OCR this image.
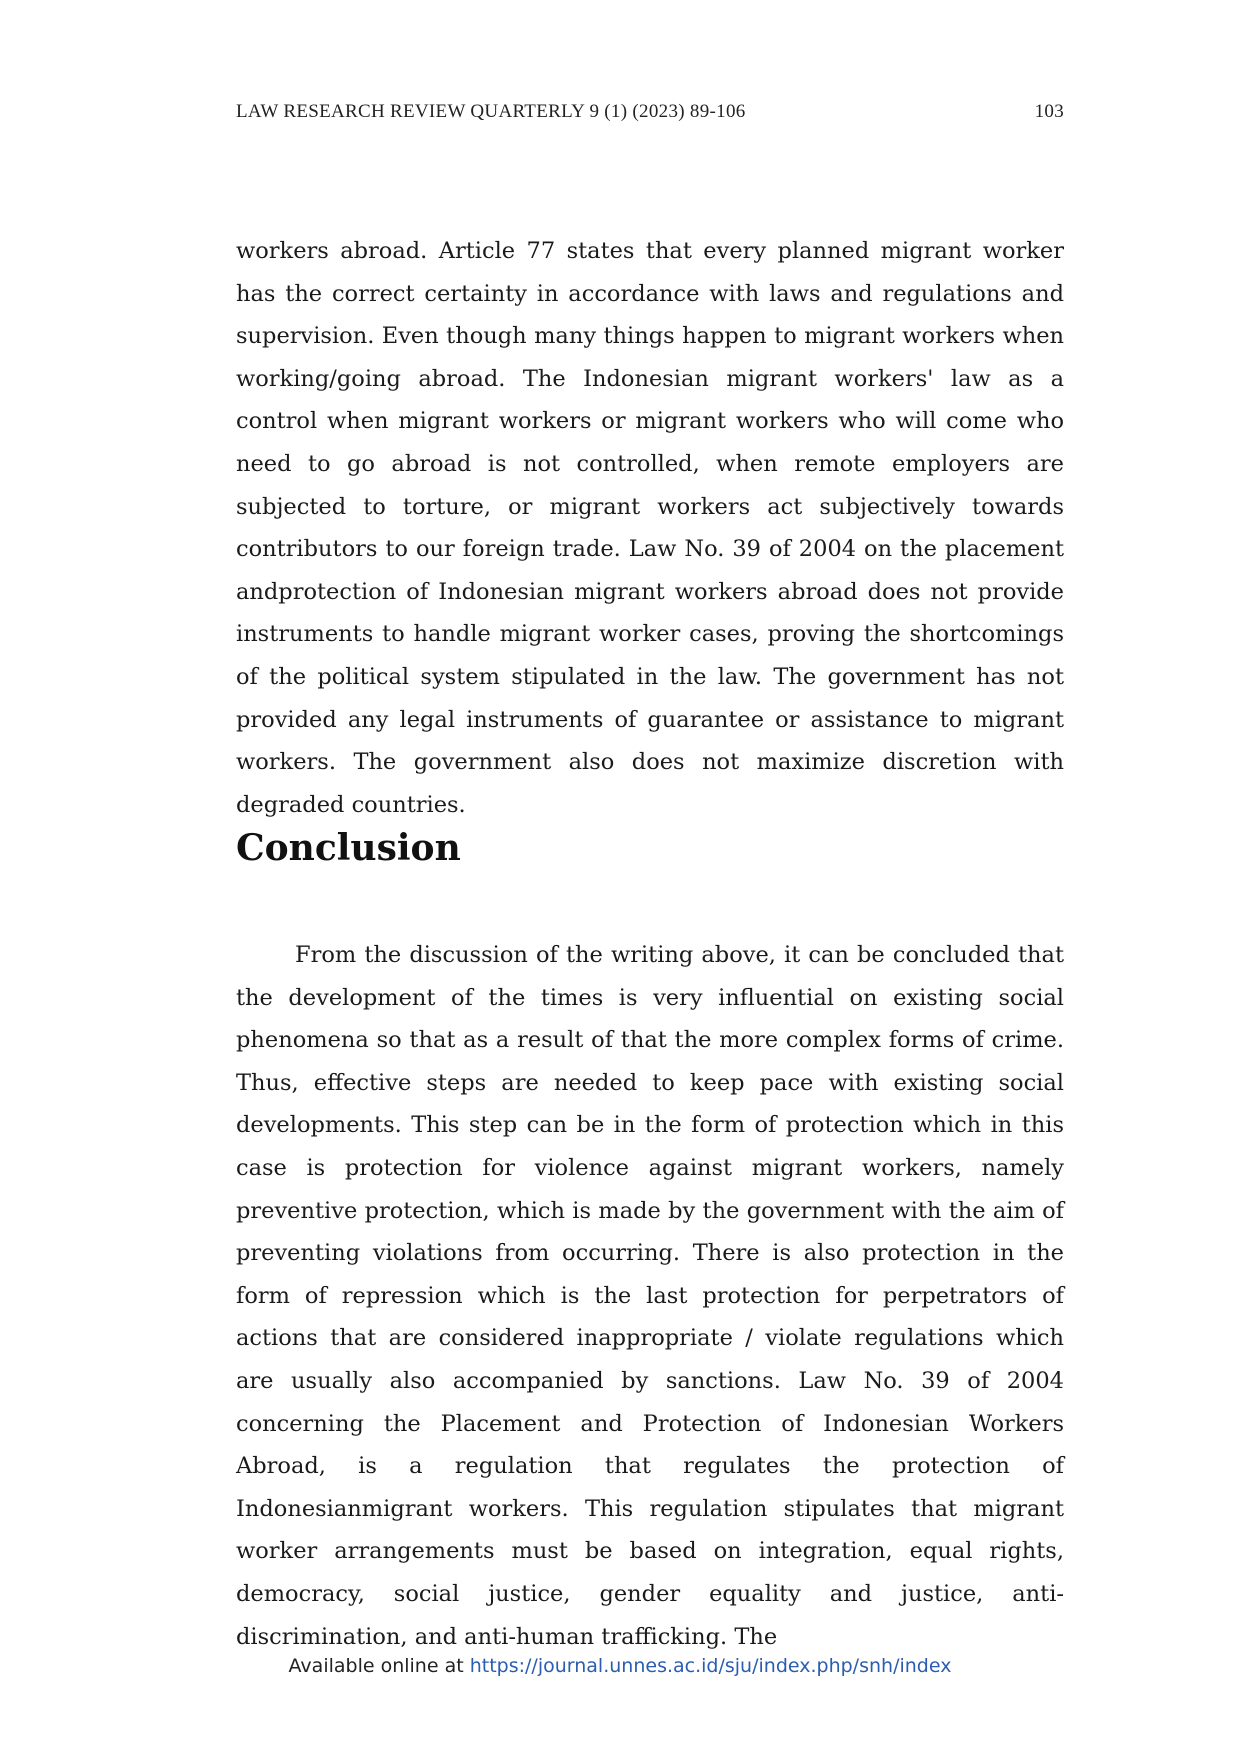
LAW RESEARCH REVIEW QUARTERLY 9 (1) (2023) 89-106	103

workers abroad. Article 77 states that every planned migrant worker has the correct certainty in accordance with laws and regulations and supervision. Even though many things happen to migrant workers when working/going abroad. The Indonesian migrant workers' law as a control when migrant workers or migrant workers who will come who need to go abroad is not controlled, when remote employers are subjected to torture, or migrant workers act subjectively towards contributors to our foreign trade. Law No. 39 of 2004 on the placement andprotection of Indonesian migrant workers abroad does not provide instruments to handle migrant worker cases, proving the shortcomings of the political system stipulated in the law. The government has not provided any legal instruments of guarantee or assistance to migrant workers. The government also does not maximize discretion with degraded countries.

Conclusion

From the discussion of the writing above, it can be concluded that the development of the times is very influential on existing social phenomena so that as a result of that the more complex forms of crime. Thus, effective steps are needed to keep pace with existing social developments. This step can be in the form of protection which in this case is protection for violence against migrant workers, namely preventive protection, which is made by the government with the aim of preventing violations from occurring. There is also protection in the form of repression which is the last protection for perpetrators of actions that are considered inappropriate / violate regulations which are usually also accompanied by sanctions. Law No. 39 of 2004 concerning the Placement and Protection of Indonesian Workers Abroad, is a regulation that regulates the protection of Indonesianmigrant workers. This regulation stipulates that migrant worker arrangements must be based on integration, equal rights, democracy, social justice, gender equality and justice, anti-discrimination, and anti-human trafficking. The

Available online at https://journal.unnes.ac.id/sju/index.php/snh/index
